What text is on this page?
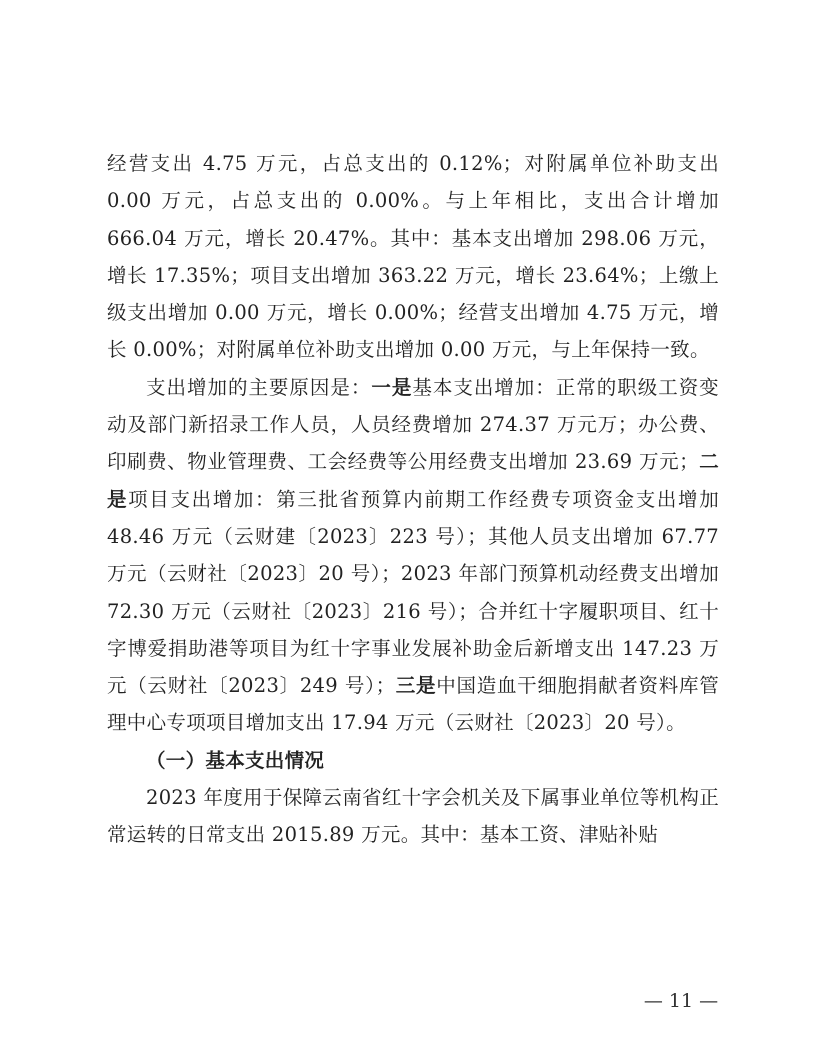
经营支出 4.75 万元，占总支出的 0.12%；对附属单位补助支出 0.00 万元，占总支出的 0.00%。与上年相比，支出合计增加 666.04 万元，增长 20.47%。其中：基本支出增加 298.06 万元，增长 17.35%；项目支出增加 363.22 万元，增长 23.64%；上缴上级支出增加 0.00 万元，增长 0.00%；经营支出增加 4.75 万元，增长 0.00%；对附属单位补助支出增加 0.00 万元，与上年保持一致。

支出增加的主要原因是：一是基本支出增加：正常的职级工资变动及部门新招录工作人员，人员经费增加 274.37 万元万；办公费、印刷费、物业管理费、工会经费等公用经费支出增加 23.69 万元；二是项目支出增加：第三批省预算内前期工作经费专项资金支出增加 48.46 万元（云财建〔2023〕223 号）；其他人员支出增加 67.77 万元（云财社〔2023〕20 号）；2023 年部门预算机动经费支出增加 72.30 万元（云财社〔2023〕216 号）；合并红十字履职项目、红十字博爱捐助港等项目为红十字事业发展补助金后新增支出 147.23 万元（云财社〔2023〕249 号）；三是中国造血干细胞捐献者资料库管理中心专项项目增加支出 17.94 万元（云财社〔2023〕20 号）。

（一）基本支出情况

2023 年度用于保障云南省红十字会机关及下属事业单位等机构正常运转的日常支出 2015.89 万元。其中：基本工资、津贴补贴

— 11 —
